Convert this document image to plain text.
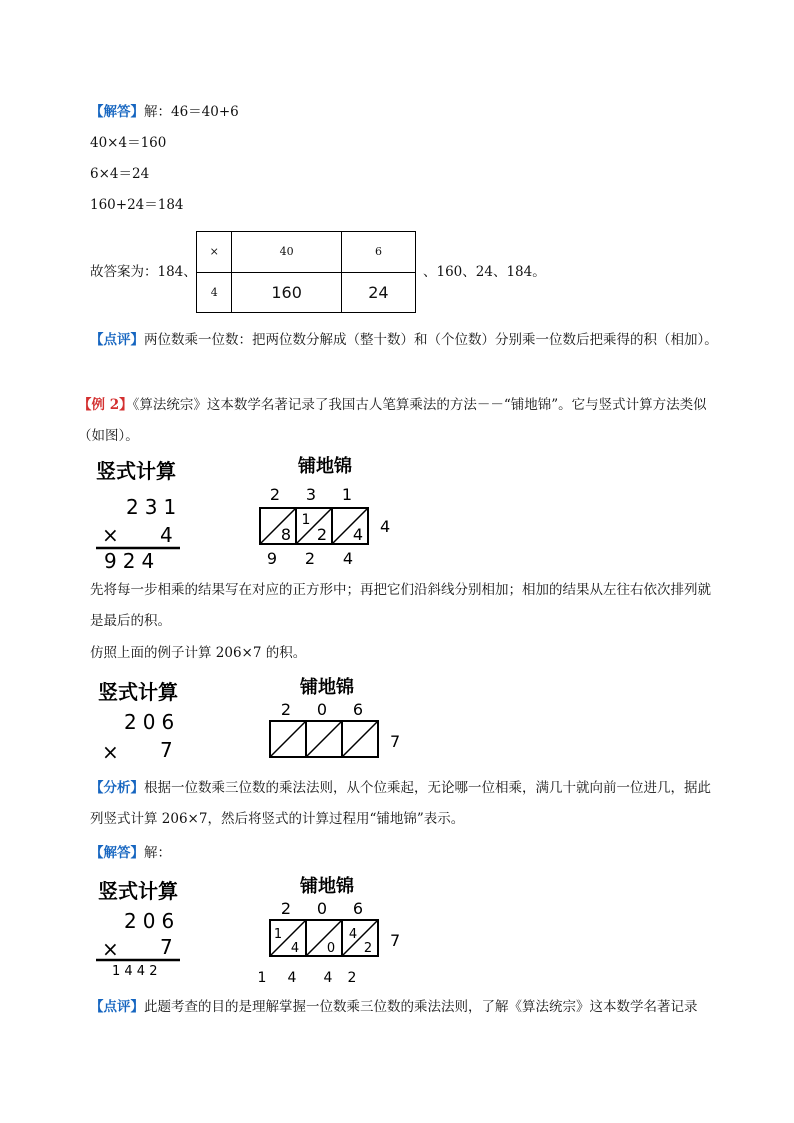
【解答】解：46＝40+6
40×4＝160
6×4＝24
160+24＝184
故答案为：184、
×	40	6
4	160	24
、160、24、184。
【点评】两位数乘一位数：把两位数分解成（整十数）和（个位数）分别乘一位数后把乘得的积（相加）。
【例 2】《算法统宗》这本数学名著记录了我国古人笔算乘法的方法－－“铺地锦”。它与竖式计算方法类似（如图）。
竖式计算
231
× 4
924
铺地锦
2 3 1
8
1
2 4 4
9 2 4
先将每一步相乘的结果写在对应的正方形中；再把它们沿斜线分别相加；相加的结果从左往右依次排列就是最后的积。
仿照上面的例子计算 206×7 的积。
竖式计算
206
× 7
铺地锦
2 0 6
7
【分析】根据一位数乘三位数的乘法法则，从个位乘起，无论哪一位相乘，满几十就向前一位进几，据此列竖式计算 206×7，然后将竖式的计算过程用“铺地锦”表示。
【解答】解：
竖式计算
206
× 7
1 4 4 2
铺地锦
2 0 6
1
4 0
4
2 7
1 4 4 2
【点评】此题考查的目的是理解掌握一位数乘三位数的乘法法则，了解《算法统宗》这本数学名著记录
